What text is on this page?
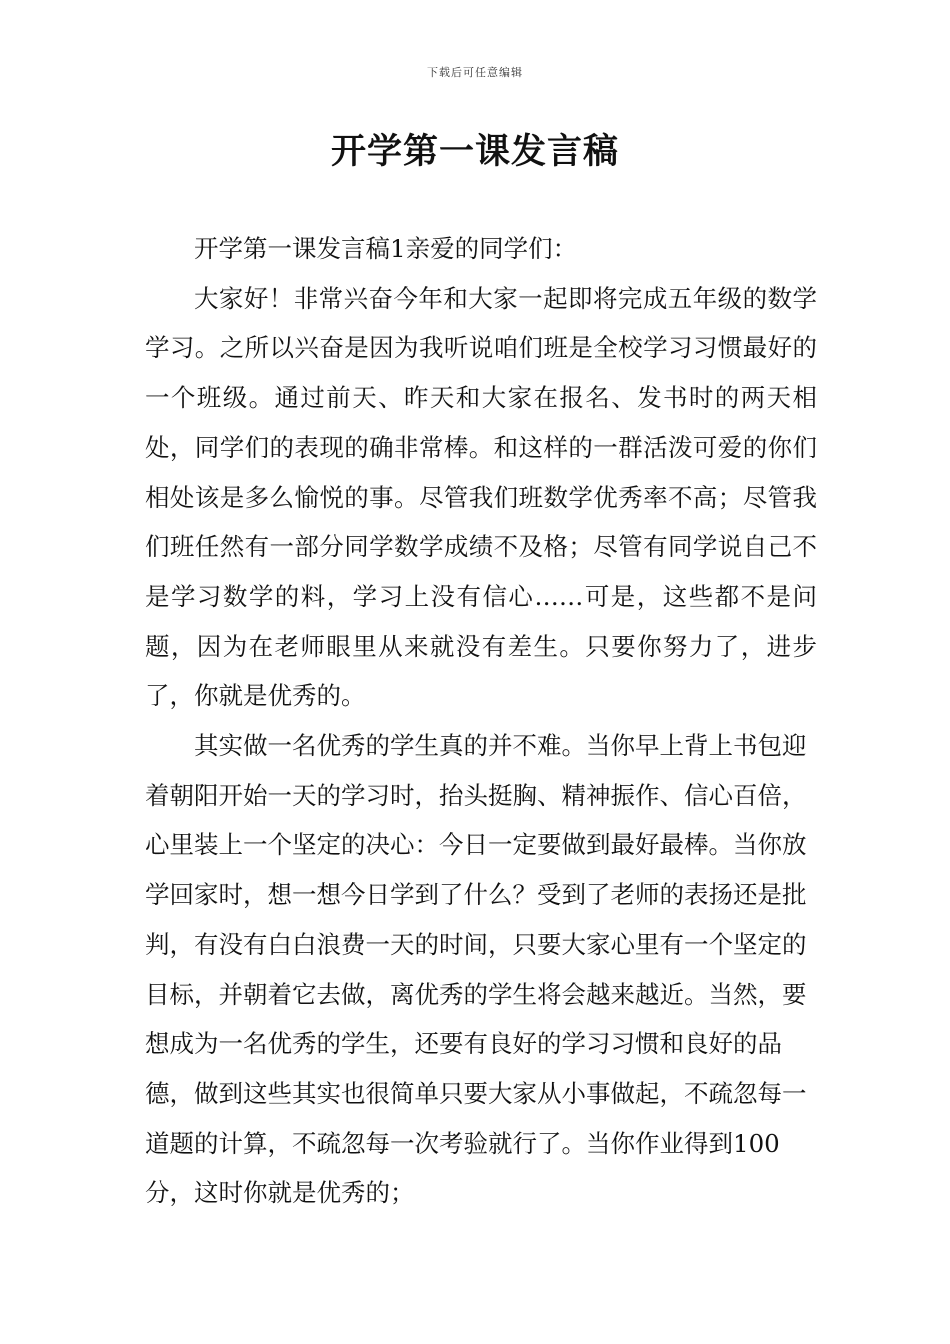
下载后可任意编辑
开学第一课发言稿

开学第一课发言稿1亲爱的同学们：

大家好！非常兴奋今年和大家一起即将完成五年级的数学学习。之所以兴奋是因为我听说咱们班是全校学习习惯最好的一个班级。通过前天、昨天和大家在报名、发书时的两天相处，同学们的表现的确非常棒。和这样的一群活泼可爱的你们相处该是多么愉悦的事。尽管我们班数学优秀率不高；尽管我们班任然有一部分同学数学成绩不及格；尽管有同学说自己不是学习数学的料，学习上没有信心……可是，这些都不是问题，因为在老师眼里从来就没有差生。只要你努力了，进步了，你就是优秀的。

其实做一名优秀的学生真的并不难。当你早上背上书包迎着朝阳开始一天的学习时，抬头挺胸、精神振作、信心百倍，心里装上一个坚定的决心：今日一定要做到最好最棒。当你放学回家时，想一想今日学到了什么？受到了老师的表扬还是批判，有没有白白浪费一天的时间，只要大家心里有一个坚定的目标，并朝着它去做，离优秀的学生将会越来越近。当然，要想成为一名优秀的学生，还要有良好的学习习惯和良好的品德，做到这些其实也很简单只要大家从小事做起，不疏忽每一道题的计算，不疏忽每一次考验就行了。当你作业得到100分，这时你就是优秀的；
